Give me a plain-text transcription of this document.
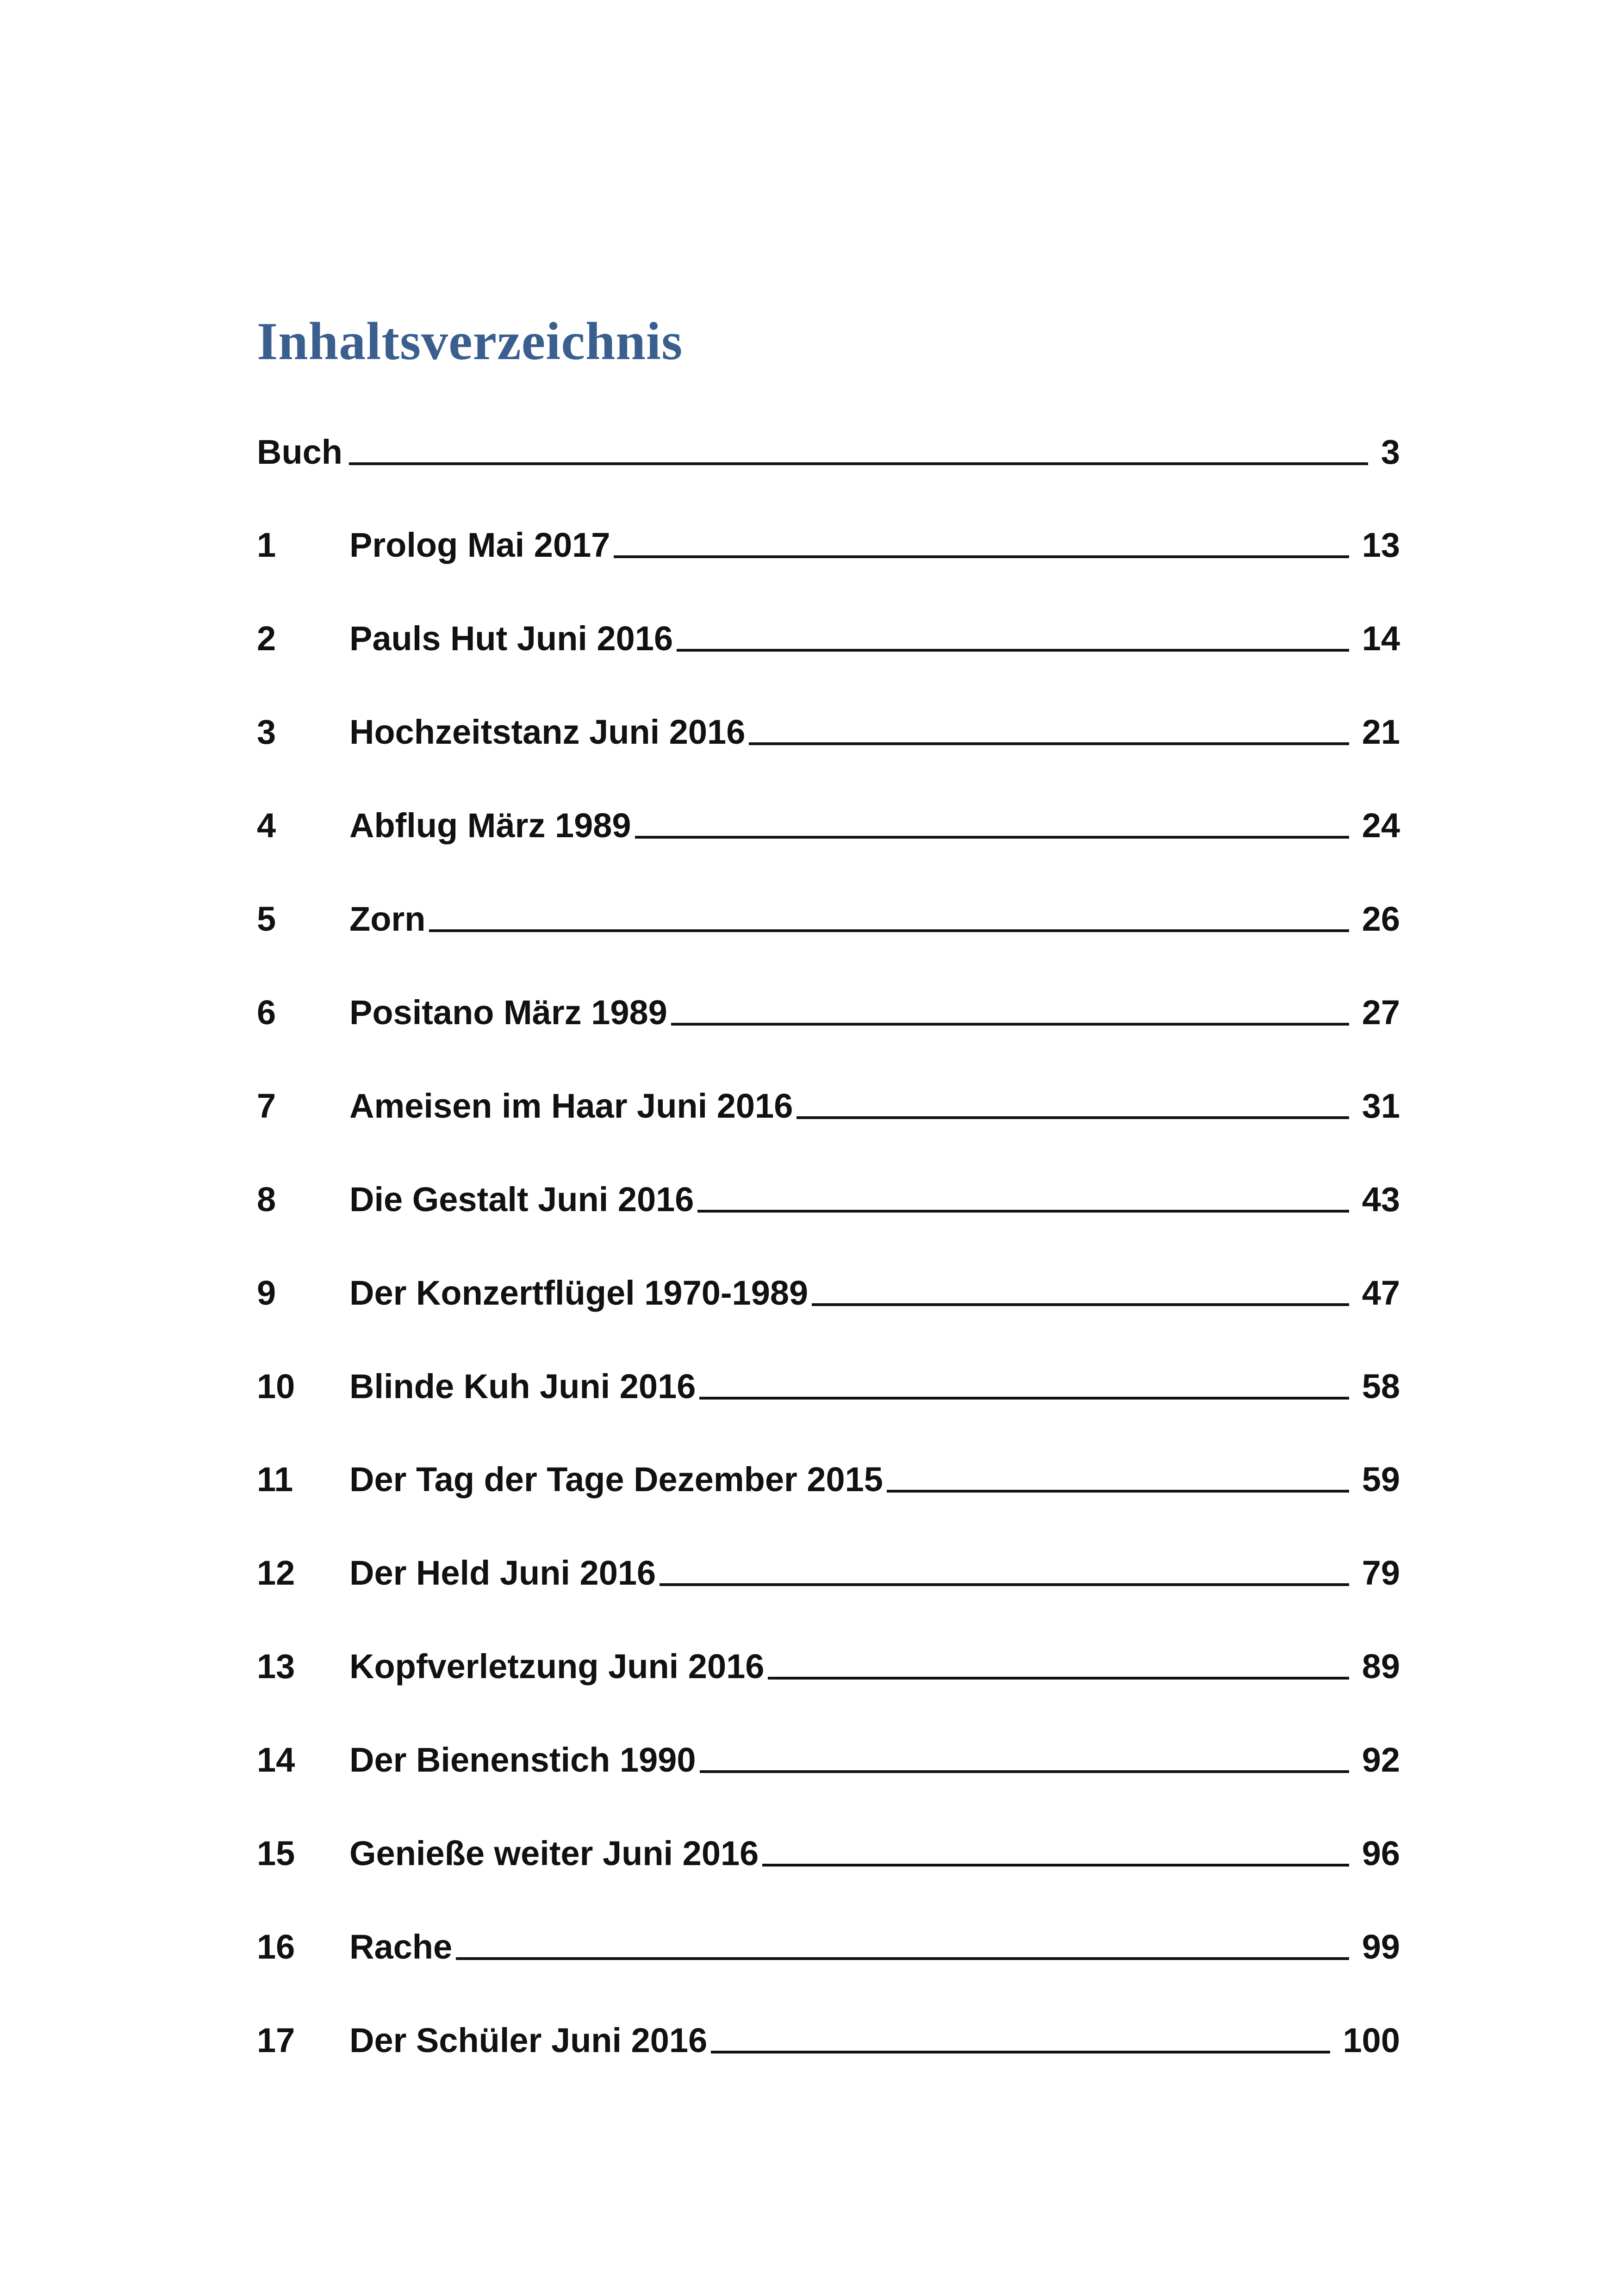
Inhaltsverzeichnis
Buch	3
1	Prolog Mai 2017	13
2	Pauls Hut Juni 2016	14
3	Hochzeitstanz Juni 2016	21
4	Abflug März 1989	24
5	Zorn	26
6	Positano März 1989	27
7	Ameisen im Haar Juni 2016	31
8	Die Gestalt Juni 2016	43
9	Der Konzertflügel 1970-1989	47
10	Blinde Kuh Juni 2016	58
11	Der Tag der Tage Dezember 2015	59
12	Der Held Juni 2016	79
13	Kopfverletzung Juni 2016	89
14	Der Bienenstich 1990	92
15	Genieße weiter Juni 2016	96
16	Rache	99
17	Der Schüler Juni 2016	100
